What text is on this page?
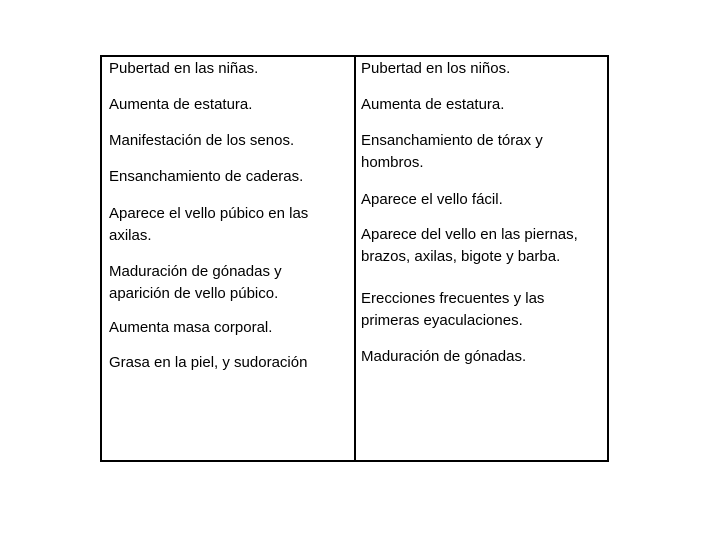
Pubertad en las niñas.
Aumenta de estatura.
Manifestación de los senos.
Ensanchamiento de caderas.
Aparece el vello púbico en las axilas.
Maduración de gónadas y aparición de vello púbico.
Aumenta masa corporal.
Grasa en la piel, y sudoración
Pubertad en los niños.
Aumenta de estatura.
Ensanchamiento de tórax y hombros.
Aparece el vello fácil.
Aparece del vello en las piernas, brazos, axilas, bigote y barba.
Erecciones frecuentes y las primeras eyaculaciones.
Maduración de gónadas.
